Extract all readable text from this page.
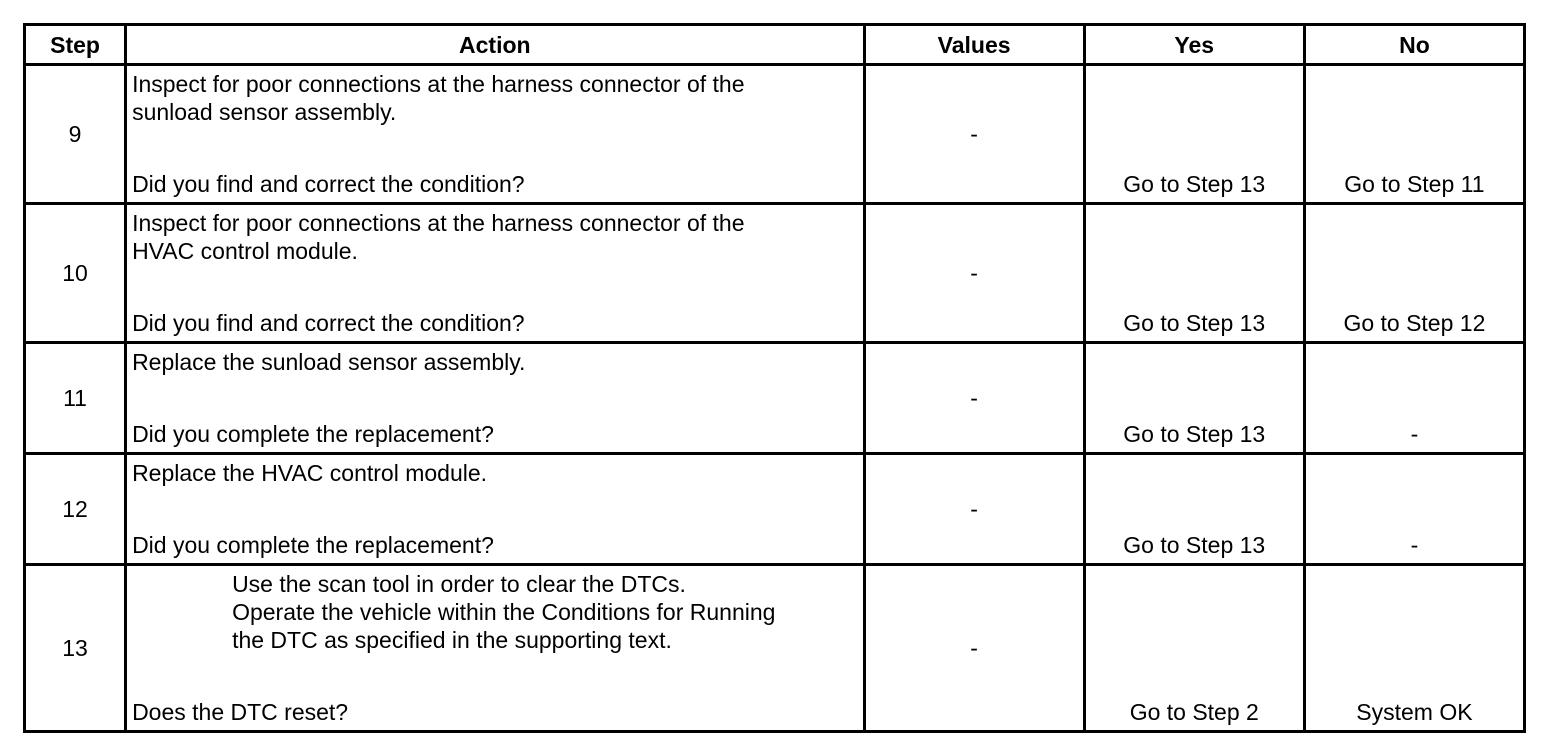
Step	Action	Values	Yes	No
9	Inspect for poor connections at the harness connector of the
sunload sensor assembly.
Did you find and correct the condition?	-	Go to Step 13	Go to Step 11
10	Inspect for poor connections at the harness connector of the
HVAC control module.
Did you find and correct the condition?	-	Go to Step 13	Go to Step 12
11	Replace the sunload sensor assembly.
Did you complete the replacement?	-	Go to Step 13	-
12	Replace the HVAC control module.
Did you complete the replacement?	-	Go to Step 13	-
13	Use the scan tool in order to clear the DTCs.
Operate the vehicle within the Conditions for Running
the DTC as specified in the supporting text.
Does the DTC reset?	-	Go to Step 2	System OK
